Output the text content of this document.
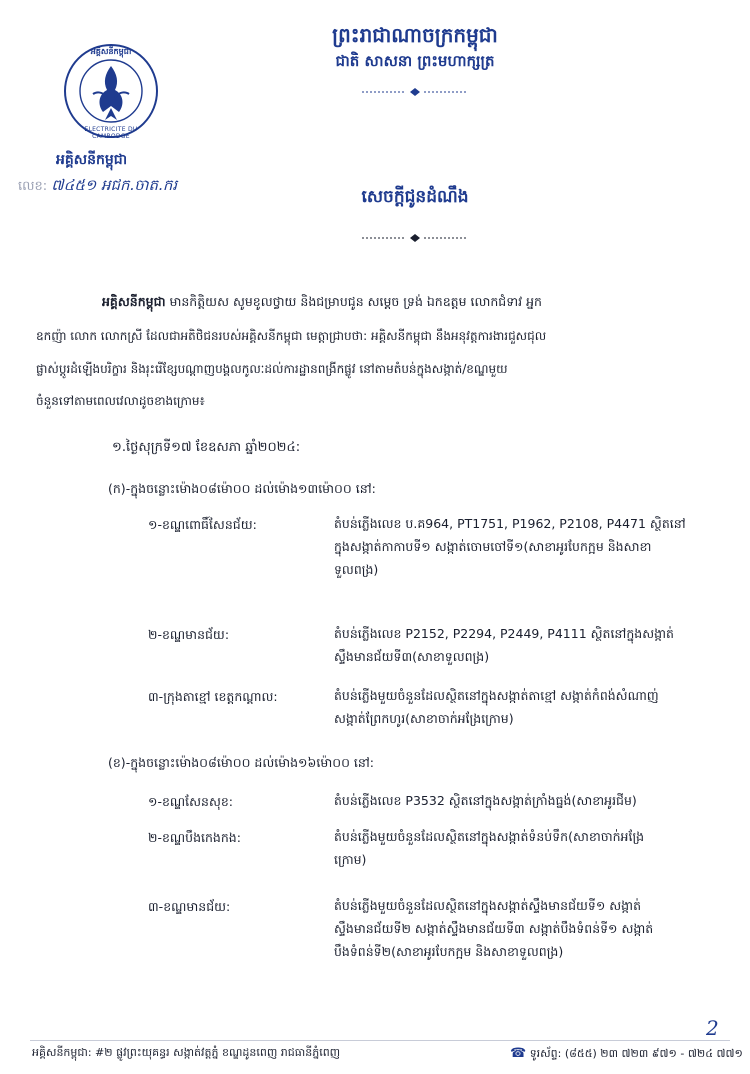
ព្រះរាជាណាចក្រកម្ពុជា
ជាតិ សាសនា ព្រះមហាក្សត្រ
អគ្គិសនីកម្ពុជា
ELECTRICITE DU CAMBODGE
អគ្គិសនីកម្ពុជា
លេខ: ៧៤៥១ អជក.ចាត.ករ
សេចក្តីជូនដំណឹង
អគ្គិសនីកម្ពុជា មានកិត្តិយស សូមខូលថ្វាយ និងជម្រាបជូន សម្តេច ទ្រង់ ឯកឧត្តម លោកជំទាវ អ្នក
ឧកញ៉ា លោក លោកស្រី ដែលជាអតិថិជនរបស់អគ្គិសនីកម្ពុជា មេត្តាជ្រាបថា: អគ្គិសនីកម្ពុជា នឹងអនុវត្តការងារជួសជុល
ផ្លាស់ប្តូរដំឡើងបរិក្ខារ និងរុះរើខ្សែបណ្តាញបង្គលកូលៈដល់ការដ្ឋានពង្រីកផ្លូវ នៅតាមតំបន់ក្នុងសង្កាត់/ខណ្ឌមួយ
ចំនួនទៅតាមពេលវេលាដូចខាងក្រោម៖
១.ថ្ងៃសុក្រទី១៧ ខែឧសភា ឆ្នាំ២០២៤:
(ក)-ក្នុងចន្លោះម៉ោង០៨ម៉ោ០០ ដល់ម៉ោង១៣ម៉ោ០០ នៅ:
១-ខណ្ឌពោធិ៍សែនជ័យ:	តំបន់ភ្លើងលេខ ប.គ964, PT1751, P1962, P2108, P4471 ស្ថិតនៅ
ក្នុងសង្កាត់កាកាបទី១ សង្កាត់ចោមចៅទី១(សាខាអូរបែកក្អម និងសាខា
ទួលពង្រ)
២-ខណ្ឌមានជ័យ:	តំបន់ភ្លើងលេខ P2152, P2294, P2449, P4111 ស្ថិតនៅក្នុងសង្កាត់
ស្ទឹងមានជ័យទី៣(សាខាទួលពង្រ)
៣-ក្រុងតាខ្មៅ ខេត្តកណ្តាល:	តំបន់ភ្លើងមួយចំនួនដែលស្ថិតនៅក្នុងសង្កាត់តាខ្មៅ សង្កាត់កំពង់សំណាញ់
សង្កាត់ព្រែកហូរ(សាខាចាក់អង្រែក្រោម)
(ខ)-ក្នុងចន្លោះម៉ោង០៨ម៉ោ០០ ដល់ម៉ោង១៦ម៉ោ០០ នៅ:
១-ខណ្ឌសែនសុខ:	តំបន់ភ្លើងលេខ P3532 ស្ថិតនៅក្នុងសង្កាត់ក្រាំងធ្នង់(សាខាអូរជីម)
២-ខណ្ឌបឹងកេងកង:	តំបន់ភ្លើងមួយចំនួនដែលស្ថិតនៅក្នុងសង្កាត់ទំនប់ទឹក(សាខាចាក់អង្រែ
ក្រោម)
៣-ខណ្ឌមានជ័យ:	តំបន់ភ្លើងមួយចំនួនដែលស្ថិតនៅក្នុងសង្កាត់ស្ទឹងមានជ័យទី១ សង្កាត់
ស្ទឹងមានជ័យទី២ សង្កាត់ស្ទឹងមានជ័យទី៣ សង្កាត់បឹងទំពន់ទី១ សង្កាត់
បឹងទំពន់ទី២(សាខាអូរបែកក្អម និងសាខាទួលពង្រ)
អគ្គិសនីកម្ពុជា: #២ ផ្លូវព្រះយុគន្ធរ សង្កាត់វត្តភ្នំ ខណ្ឌដូនពេញ រាជធានីភ្នំពេញ	☎ ទូរស័ព្ទ: (៨៥៥) ២៣ ៧២៣ ៩៧១ - ៧២៤ ៧៧១
2
